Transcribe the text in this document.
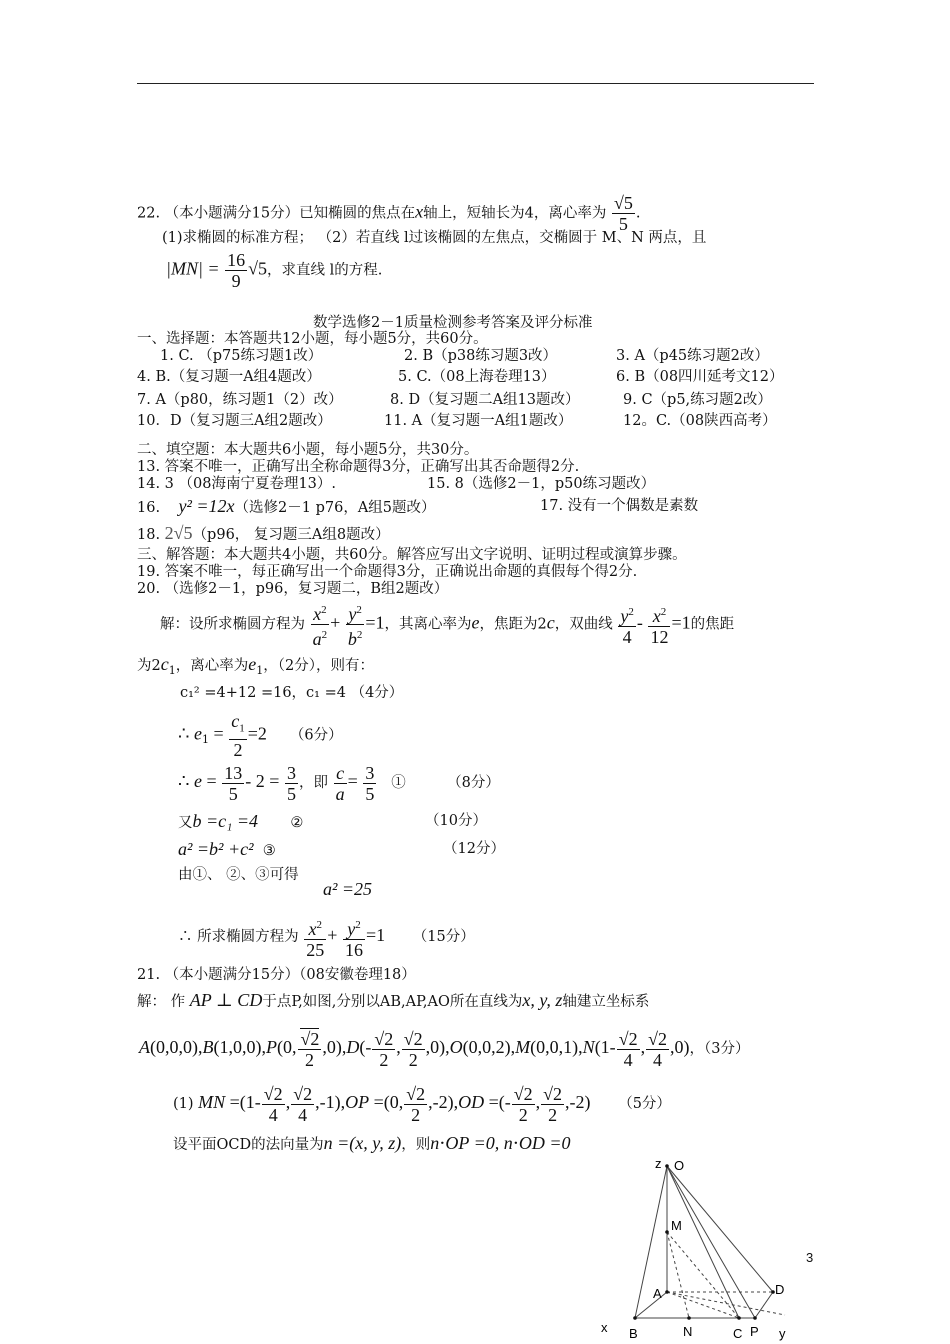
22. （本小题满分15分）已知椭圆的焦点在x轴上，短轴长为4，离心率为 $\frac{√5}{5}$ .
(1)求椭圆的标准方程； （2）若直线 l过该椭圆的左焦点，交椭圆于 M、N 两点，且
$|MN| = \frac{16}{9} √5$，求直线 l的方程.
数学选修2－1质量检测参考答案及评分标准
一、选择题：本答题共12小题，每小题5分，共60分。
1. C. （p75练习题1改）	2. B（p38练习题3改）	3. A（p45练习题2改）
4. B.（复习题一A组4题改）	5. C.（08上海卷理13）	6. B（08四川延考文12）
7. A（p80，练习题1（2）改）	8. D（复习题二A组13题改）	9. C（p5,练习题2改）
10．D（复习题三A组2题改）	11. A（复习题一A组1题改）	12。C.（08陕西高考）
二、填空题：本大题共6小题，每小题5分，共30分。
13. 答案不唯一，正确写出全称命题得3分，正确写出其否命题得2分.
14. 3 （08海南宁夏卷理13）.	15. 8（选修2－1，p50练习题改）
16. y² =12x（选修2－1 p76，A组5题改）	17. 没有一个偶数是素数
18. 2√5（p96， 复习题三A组8题改）
三、解答题：本大题共4小题，共60分。解答应写出文字说明、证明过程或演算步骤。
19. 答案不唯一，每正确写出一个命题得3分，正确说出命题的真假每个得2分.
20. （选修2－1，p96，复习题二，B组2题改）
解：设所求椭圆方程为 $\frac{x^2}{a^2} + \frac{y^2}{b^2} =1$，其离心率为e，焦距为2c，双曲线 $\frac{y^2}{4} - \frac{x^2}{12} =1$的焦距
为$2c_1$，离心率为$e_1$，（2分），则有：
c₁² =4+12 =16，c₁ =4 （4分）
∴ $e_1 = \frac{c_1}{2} =2$ （6分）
∴ $e = \frac{13}{5} - 2 = \frac{3}{5}$ ，即 $\frac{c}{a} = \frac{3}{5}$ ①	（8分）
又b =c₁ =4 ②	（10分）
a² =b² +c² ③	（12分）
由①、 ②、③可得
a² =25
∴ 所求椭圆方程为 $\frac{x^2}{25} + \frac{y^2}{16} =1$ （15分）
21. （本小题满分15分）（08安徽卷理18）
解： 作 AP ⊥ CD于点P,如图,分别以AB,AP,AO所在直线为x, y, z轴建立坐标系
A(0,0,0),B(1,0,0),P(0, $\frac{√2}{2} ,0),D(- \frac{√2}{2}$ , $\frac{√2}{2} ,0),O(0,0,2),M(0,0,1),N(1- \frac{√2}{4}$ , $\frac{√2}{4} ,0$)，（3分）
(1) MN $=(1- \frac{√2}{4}$ , $\frac{√2}{4} ,-1),OP =(0$, $\frac{√2}{2} ,-2),OD$ =(- $\frac{√2}{2}$ , $\frac{√2}{2} ,-2$) （5分）
设平面OCD的法向量为n =(x, y, z)，则n⋅OP =0, n⋅OD =0
z O
M
A	D
x B	N	C P y
3
